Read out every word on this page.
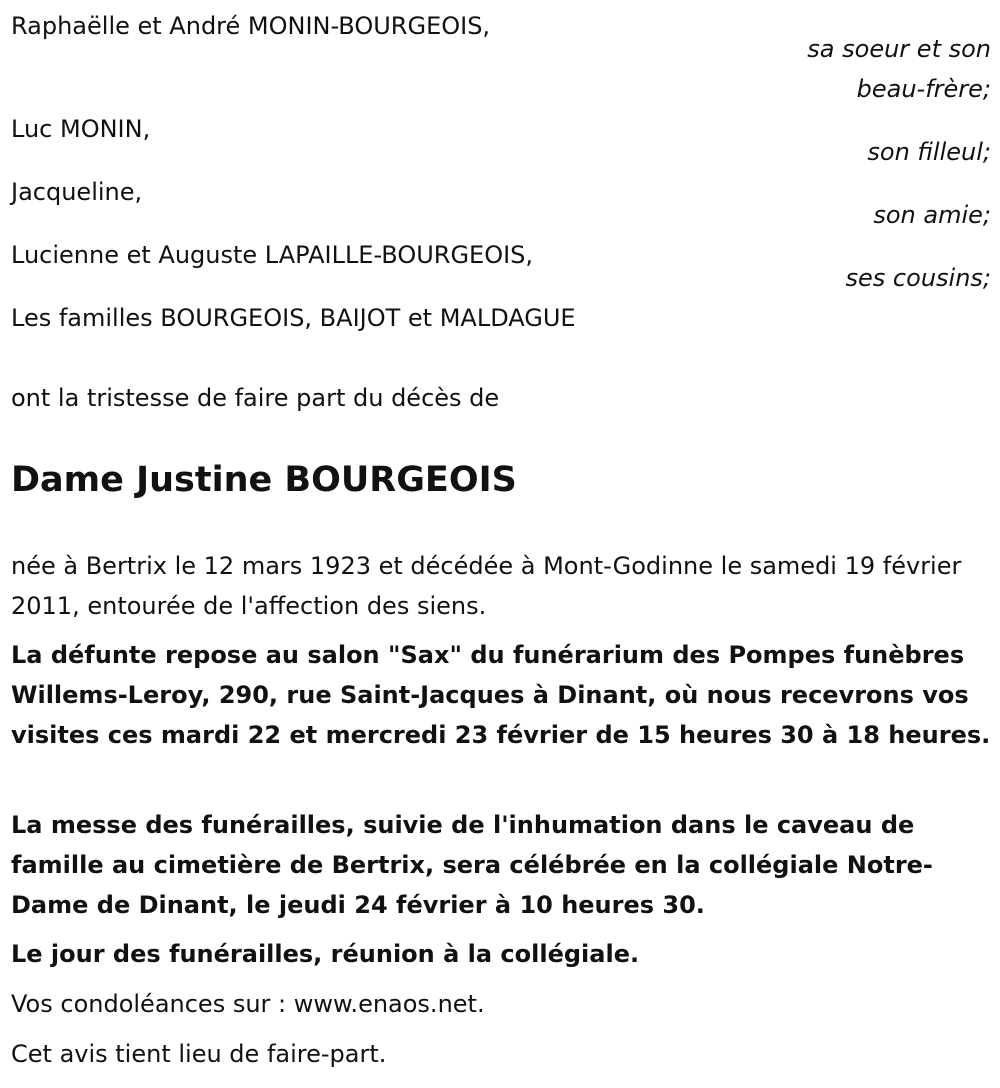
Raphaëlle et André MONIN-BOURGEOIS,
sa soeur et son
beau-frère;
Luc MONIN,
son filleul;
Jacqueline,
son amie;
Lucienne et Auguste LAPAILLE-BOURGEOIS,
ses cousins;
Les familles BOURGEOIS, BAIJOT et MALDAGUE
ont la tristesse de faire part du décès de
Dame Justine BOURGEOIS
née à Bertrix le 12 mars 1923 et décédée à Mont-Godinne le samedi 19 février 2011, entourée de l'affection des siens.
La défunte repose au salon "Sax" du funérarium des Pompes funèbres Willems-Leroy, 290, rue Saint-Jacques à Dinant, où nous recevrons vos visites ces mardi 22 et mercredi 23 février de 15 heures 30 à 18 heures.
La messe des funérailles, suivie de l'inhumation dans le caveau de famille au cimetière de Bertrix, sera célébrée en la collégiale Notre-Dame de Dinant, le jeudi 24 février à 10 heures 30.
Le jour des funérailles, réunion à la collégiale.
Vos condoléances sur : www.enaos.net.
Cet avis tient lieu de faire-part.
